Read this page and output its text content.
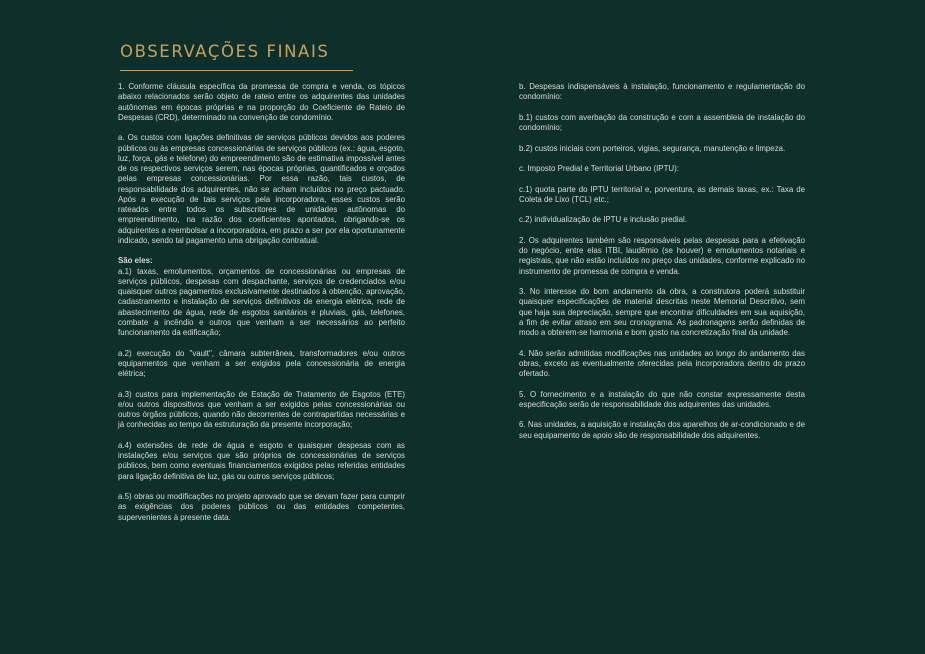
OBSERVAÇÕES FINAIS

1. Conforme cláusula específica da promessa de compra e venda, os tópicos abaixo relacionados serão objeto de rateio entre os adquirentes das unidades autônomas em épocas próprias e na proporção do Coeficiente de Rateio de Despesas (CRD), determinado na convenção de condomínio.

a. Os custos com ligações definitivas de serviços públicos devidos aos poderes públicos ou às empresas concessionárias de serviços públicos (ex.: água, esgoto, luz, força, gás e telefone) do empreendimento são de estimativa impossível antes de os respectivos serviços serem, nas épocas próprias, quantificados e orçados pelas empresas concessionárias. Por essa razão, tais custos, de responsabilidade dos adquirentes, não se acham incluídos no preço pactuado. Após a execução de tais serviços pela incorporadora, esses custos serão rateados entre todos os subscritores de unidades autônomas do empreendimento, na razão dos coeficientes apontados, obrigando-se os adquirentes a reembolsar a incorporadora, em prazo a ser por ela oportunamente indicado, sendo tal pagamento uma obrigação contratual.

São eles:

a.1) taxas, emolumentos, orçamentos de concessionárias ou empresas de serviços públicos, despesas com despachante, serviços de credenciados e/ou quaisquer outros pagamentos exclusivamente destinados à obtenção, aprovação, cadastramento e instalação de serviços definitivos de energia elétrica, rede de abastecimento de água, rede de esgotos sanitários e pluviais, gás, telefones, combate a incêndio e outros que venham a ser necessários ao perfeito funcionamento da edificação;

a.2) execução do "vault", câmara subterrânea, transformadores e/ou outros equipamentos que venham a ser exigidos pela concessionária de energia elétrica;

a.3) custos para implementação de Estação de Tratamento de Esgotos (ETE) e/ou outros dispositivos que venham a ser exigidos pelas concessionárias ou outros órgãos públicos, quando não decorrentes de contrapartidas necessárias e já conhecidas ao tempo da estruturação da presente incorporação;

a.4) extensões de rede de água e esgoto e quaisquer despesas com as instalações e/ou serviços que são próprios de concessionárias de serviços públicos, bem como eventuais financiamentos exigidos pelas referidas entidades para ligação definitiva de luz, gás ou outros serviços públicos;

a.5) obras ou modificações no projeto aprovado que se devam fazer para cumprir as exigências dos poderes públicos ou das entidades competentes, supervenientes à presente data.

b. Despesas indispensáveis à instalação, funcionamento e regulamentação do condomínio:

b.1) custos com averbação da construção e com a assembleia de instalação do condomínio;

b.2) custos iniciais com porteiros, vigias, segurança, manutenção e limpeza.

c. Imposto Predial e Territorial Urbano (IPTU):

c.1) quota parte do IPTU territorial e, porventura, as demais taxas, ex.: Taxa de Coleta de Lixo (TCL) etc.;

c.2) individualização de IPTU e inclusão predial.

2. Os adquirentes também são responsáveis pelas despesas para a efetivação do negócio, entre elas ITBI, laudêmio (se houver) e emolumentos notariais e registrais, que não estão incluídos no preço das unidades, conforme explicado no instrumento de promessa de compra e venda.

3. No interesse do bom andamento da obra, a construtora poderá substituir quaisquer especificações de material descritas neste Memorial Descritivo, sem que haja sua depreciação, sempre que encontrar dificuldades em sua aquisição, a fim de evitar atraso em seu cronograma. As padronagens serão definidas de modo a obterem-se harmonia e bom gosto na concretização final da unidade.

4. Não serão admitidas modificações nas unidades ao longo do andamento das obras, exceto as eventualmente oferecidas pela incorporadora dentro do prazo ofertado.

5. O fornecimento e a instalação do que não constar expressamente desta especificação serão de responsabilidade dos adquirentes das unidades.

6. Nas unidades, a aquisição e instalação dos aparelhos de ar-condicionado e de seu equipamento de apoio são de responsabilidade dos adquirentes.
